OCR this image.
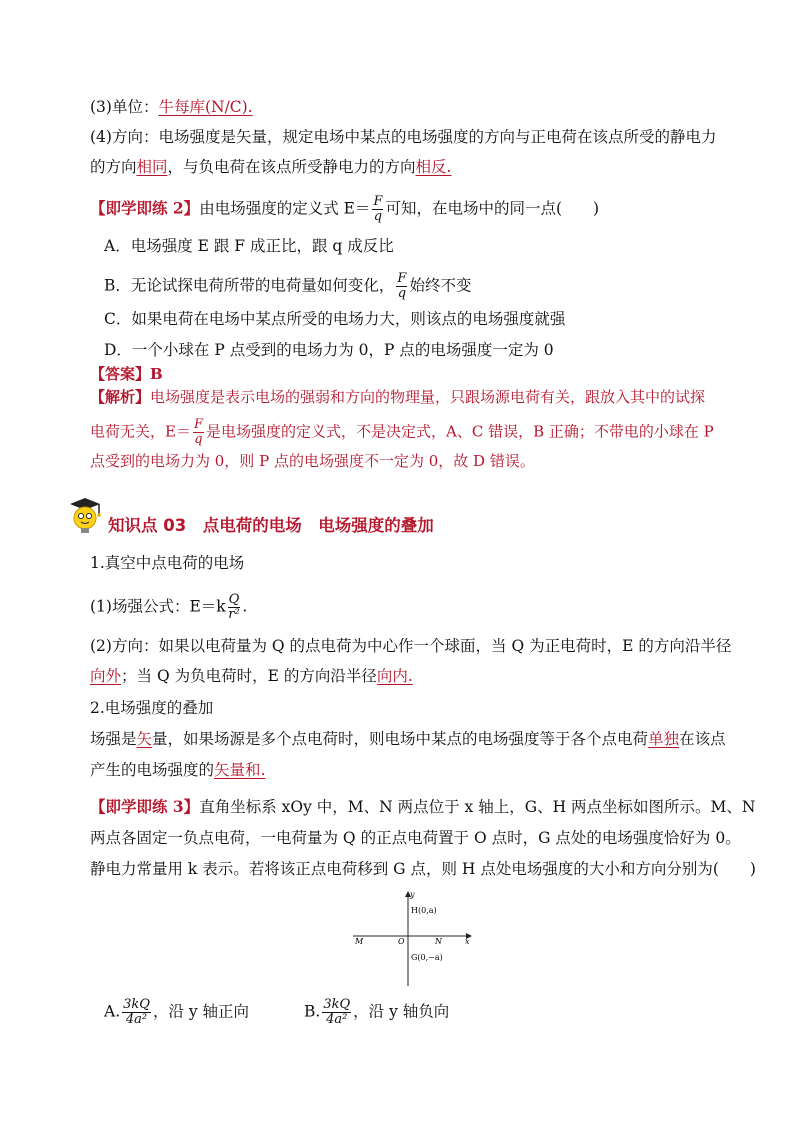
(3)单位：牛每库(N/C).
(4)方向：电场强度是矢量，规定电场中某点的电场强度的方向与正电荷在该点所受的静电力
的方向相同，与负电荷在该点所受静电力的方向相反.
【即学即练 2】由电场强度的定义式 $E= \frac{F}{q}$ 可知，在电场中的同一点(　　)
A．电场强度 E 跟 F 成正比，跟 q 成反比
B．无论试探电荷所带的电荷量如何变化， $\frac{F}{q}$ 始终不变
C．如果电荷在电场中某点所受的电场力大，则该点的电场强度就强
D．一个小球在 P 点受到的电场力为 0，P 点的电场强度一定为 0
【答案】B
【解析】电场强度是表示电场的强弱和方向的物理量，只跟场源电荷有关，跟放入其中的试探
电荷无关，$E= \frac{F}{q}$ 是电场强度的定义式，不是决定式，A、C 错误，B 正确；不带电的小球在 P
点受到的电场力为 0，则 P 点的电场强度不一定为 0，故 D 错误。
知识点 03　点电荷的电场　电场强度的叠加
1.真空中点电荷的电场
(1)场强公式：$E=k \frac{Q}{\text{r²}}$ .
(2)方向：如果以电荷量为 Q 的点电荷为中心作一个球面，当 Q 为正电荷时，E 的方向沿半径
向外；当 Q 为负电荷时，E 的方向沿半径向内.
2.电场强度的叠加
场强是矢量，如果场源是多个点电荷时，则电场中某点的电场强度等于各个点电荷单独在该点
产生的电场强度的矢量和.
【即学即练 3】直角坐标系 xOy 中，M、N 两点位于 x 轴上，G、H 两点坐标如图所示。M、N
两点各固定一负点电荷，一电荷量为 Q 的正点电荷置于 O 点时，G 点处的电场强度恰好为 0。
静电力常量用 k 表示。若将该正点电荷移到 G 点，则 H 点处电场强度的大小和方向分别为(　　)
y
x
H(0,a)
O
M	N
G(0,−a)
A. $\frac{3kQ}{\text{4a²}}$ ，沿 y 轴正向	B. $\frac{3kQ}{\text{4a²}}$ ，沿 y 轴负向
